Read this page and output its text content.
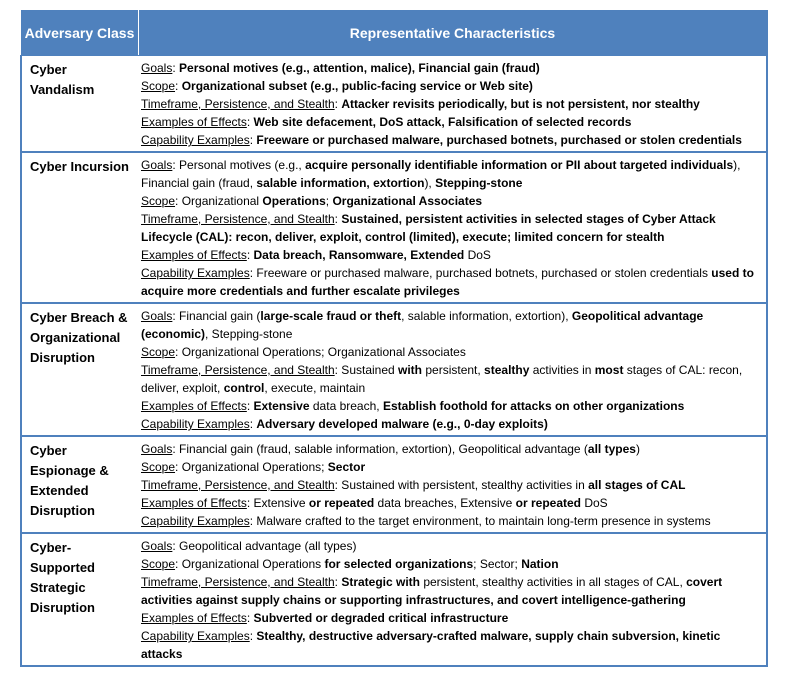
Adversary Class	Representative Characteristics

Cyber Vandalism	Goals: Personal motives (e.g., attention, malice), Financial gain (fraud)
Scope: Organizational subset (e.g., public-facing service or Web site)
Timeframe, Persistence, and Stealth: Attacker revisits periodically, but is not persistent, nor stealthy
Examples of Effects: Web site defacement, DoS attack, Falsification of selected records
Capability Examples: Freeware or purchased malware, purchased botnets, purchased or stolen credentials

Cyber Incursion	Goals: Personal motives (e.g., acquire personally identifiable information or PII about targeted individuals), Financial gain (fraud, salable information, extortion), Stepping-stone
Scope: Organizational Operations; Organizational Associates
Timeframe, Persistence, and Stealth: Sustained, persistent activities in selected stages of Cyber Attack Lifecycle (CAL): recon, deliver, exploit, control (limited), execute; limited concern for stealth
Examples of Effects: Data breach, Ransomware, Extended DoS
Capability Examples: Freeware or purchased malware, purchased botnets, purchased or stolen credentials used to acquire more credentials and further escalate privileges

Cyber Breach & Organizational Disruption	Goals: Financial gain (large-scale fraud or theft, salable information, extortion), Geopolitical advantage (economic), Stepping-stone
Scope: Organizational Operations; Organizational Associates
Timeframe, Persistence, and Stealth: Sustained with persistent, stealthy activities in most stages of CAL: recon, deliver, exploit, control, execute, maintain
Examples of Effects: Extensive data breach, Establish foothold for attacks on other organizations
Capability Examples: Adversary developed malware (e.g., 0-day exploits)

Cyber Espionage & Extended Disruption	Goals: Financial gain (fraud, salable information, extortion), Geopolitical advantage (all types)
Scope: Organizational Operations; Sector
Timeframe, Persistence, and Stealth: Sustained with persistent, stealthy activities in all stages of CAL
Examples of Effects: Extensive or repeated data breaches, Extensive or repeated DoS
Capability Examples: Malware crafted to the target environment, to maintain long-term presence in systems

Cyber-Supported Strategic Disruption	Goals: Geopolitical advantage (all types)
Scope: Organizational Operations for selected organizations; Sector; Nation
Timeframe, Persistence, and Stealth: Strategic with persistent, stealthy activities in all stages of CAL, covert activities against supply chains or supporting infrastructures, and covert intelligence-gathering
Examples of Effects: Subverted or degraded critical infrastructure
Capability Examples: Stealthy, destructive adversary-crafted malware, supply chain subversion, kinetic attacks
